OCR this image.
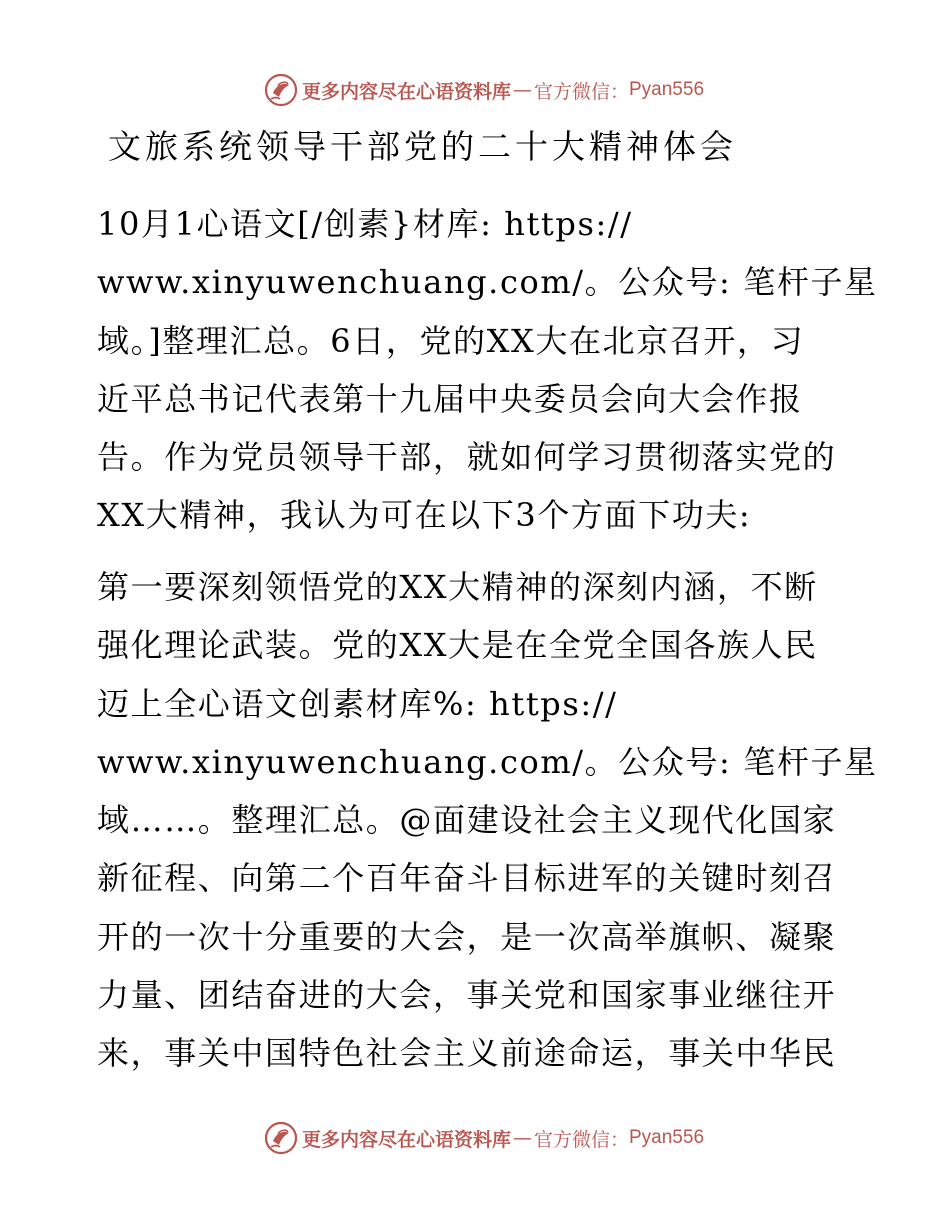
更多内容尽在心语资料库 — 官方微信： Pyan556
文旅系统领导干部党的二十大精神体会
10月1心语文[/创素}材库: https://
www.xinyuwenchuang.com/。公众号: 笔杆子星
域。]整理汇总。6日，党的XX大在北京召开，习
近平总书记代表第十九届中央委员会向大会作报
告。作为党员领导干部，就如何学习贯彻落实党的
XX大精神，我认为可在以下3个方面下功夫:
第一要深刻领悟党的XX大精神的深刻内涵，不断
强化理论武装。党的XX大是在全党全国各族人民
迈上全心语文创素材库%: https://
www.xinyuwenchuang.com/。公众号: 笔杆子星
域……。整理汇总。@面建设社会主义现代化国家
新征程、向第二个百年奋斗目标进军的关键时刻召
开的一次十分重要的大会，是一次高举旗帜、凝聚
力量、团结奋进的大会，事关党和国家事业继往开
来，事关中国特色社会主义前途命运，事关中华民
更多内容尽在心语资料库 — 官方微信： Pyan556
